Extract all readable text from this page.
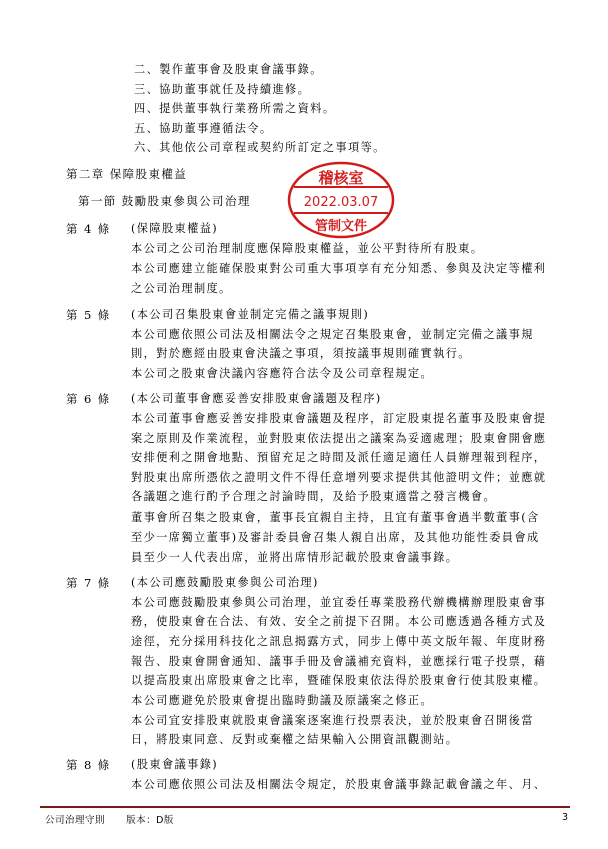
二、製作董事會及股東會議事錄。
三、協助董事就任及持續進修。
四、提供董事執行業務所需之資料。
五、協助董事遵循法令。
六、其他依公司章程或契約所訂定之事項等。
第二章 保障股東權益
第一節 鼓勵股東參與公司治理
稽核室
2022.03.07
管制文件
第 4 條 (保障股東權益)
本公司之公司治理制度應保障股東權益，並公平對待所有股東。
本公司應建立能確保股東對公司重大事項享有充分知悉、參與及決定等權利
之公司治理制度。
第 5 條 (本公司召集股東會並制定完備之議事規則)
本公司應依照公司法及相關法令之規定召集股東會，並制定完備之議事規
則，對於應經由股東會決議之事項，須按議事規則確實執行。
本公司之股東會決議內容應符合法令及公司章程規定。
第 6 條 (本公司董事會應妥善安排股東會議題及程序)
本公司董事會應妥善安排股東會議題及程序，訂定股東提名董事及股東會提
案之原則及作業流程，並對股東依法提出之議案為妥適處理；股東會開會應
安排便利之開會地點、預留充足之時間及派任適足適任人員辦理報到程序，
對股東出席所憑依之證明文件不得任意增列要求提供其他證明文件；並應就
各議題之進行酌予合理之討論時間，及給予股東適當之發言機會。
董事會所召集之股東會，董事長宜親自主持，且宜有董事會過半數董事(含
至少一席獨立董事)及審計委員會召集人親自出席，及其他功能性委員會成
員至少一人代表出席，並將出席情形記載於股東會議事錄。
第 7 條 (本公司應鼓勵股東參與公司治理)
本公司應鼓勵股東參與公司治理，並宜委任專業股務代辦機構辦理股東會事
務，使股東會在合法、有效、安全之前提下召開。本公司應透過各種方式及
途徑，充分採用科技化之訊息揭露方式，同步上傳中英文版年報、年度財務
報告、股東會開會通知、議事手冊及會議補充資料，並應採行電子投票，藉
以提高股東出席股東會之比率，暨確保股東依法得於股東會行使其股東權。
本公司應避免於股東會提出臨時動議及原議案之修正。
本公司宜安排股東就股東會議案逐案進行投票表決，並於股東會召開後當
日，將股東同意、反對或棄權之結果輸入公開資訊觀測站。
第 8 條 (股東會議事錄)
本公司應依照公司法及相關法令規定，於股東會議事錄記載會議之年、月、
公司治理守則 版本：D版	3
